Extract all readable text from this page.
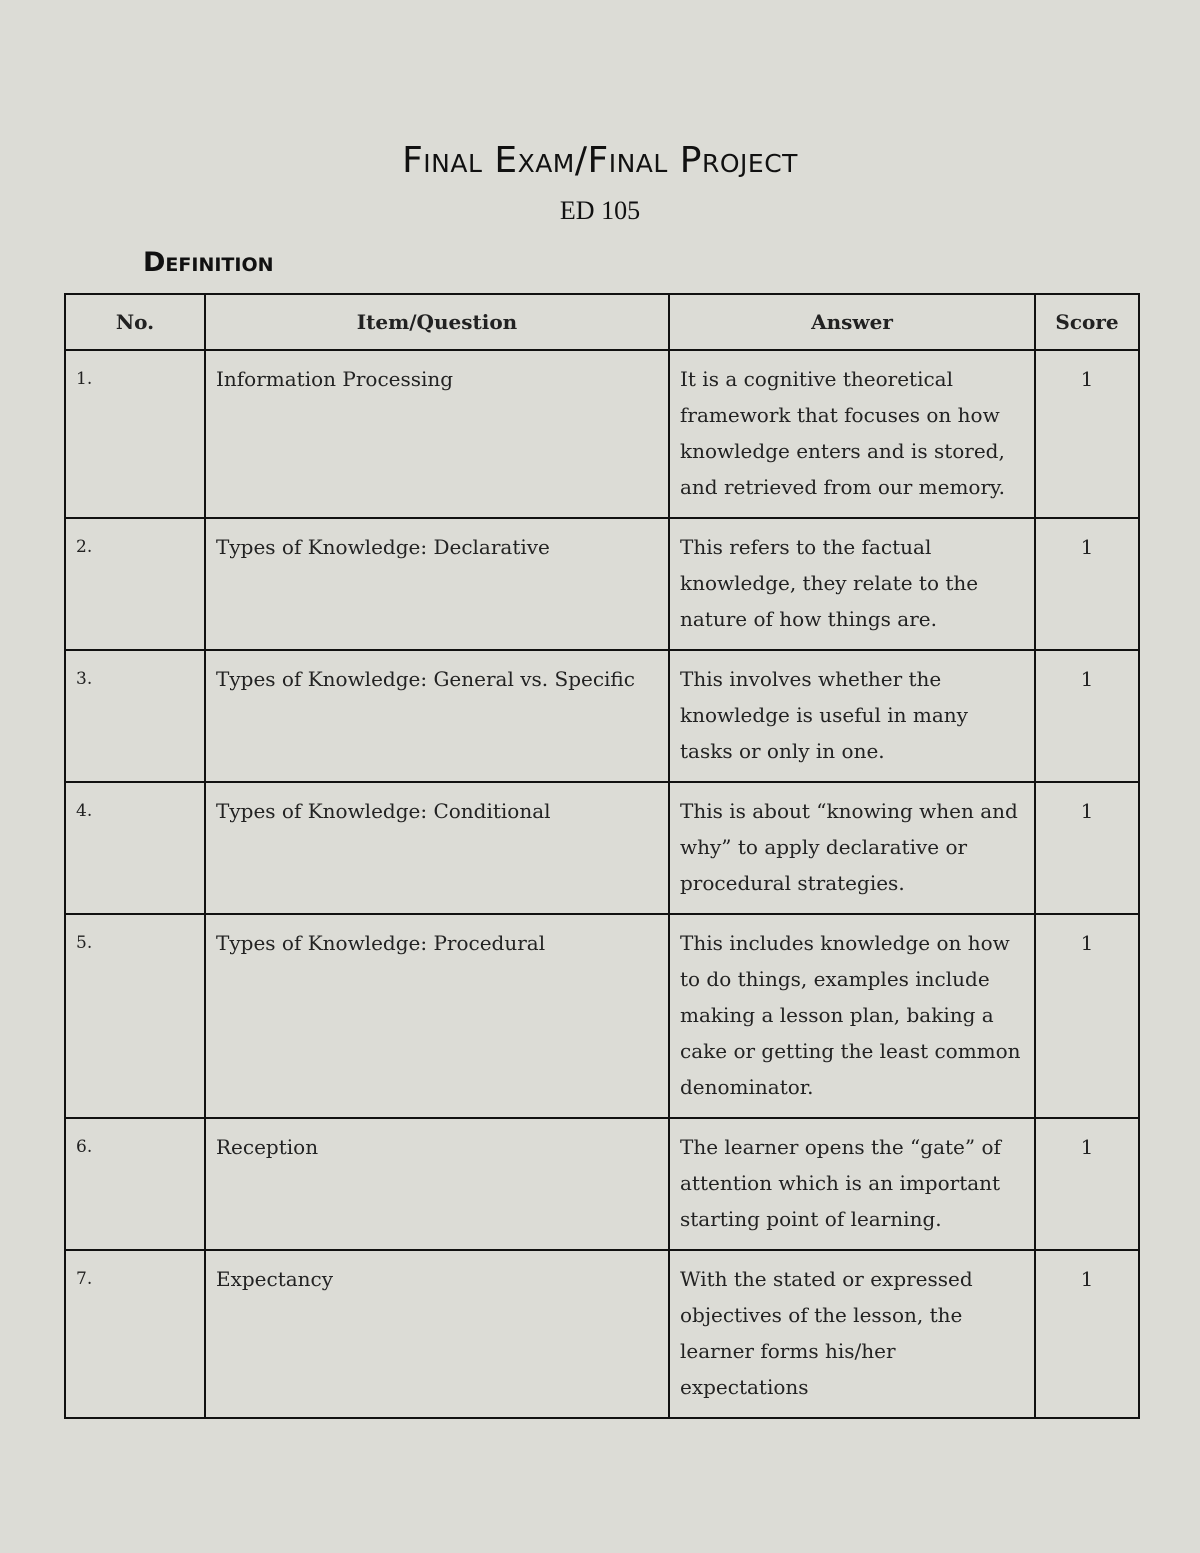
Final Exam/Final Project
ED 105
Definition
No.	Item/Question	Answer	Score
1.	Information Processing	It is a cognitive theoretical framework that focuses on how knowledge enters and is stored, and retrieved from our memory.	1
2.	Types of Knowledge: Declarative	This refers to the factual knowledge, they relate to the nature of how things are.	1
3.	Types of Knowledge: General vs. Specific	This involves whether the knowledge is useful in many tasks or only in one.	1
4.	Types of Knowledge: Conditional	This is about “knowing when and why” to apply declarative or procedural strategies.	1
5.	Types of Knowledge: Procedural	This includes knowledge on how to do things, examples include making a lesson plan, baking a cake or getting the least common denominator.	1
6.	Reception	The learner opens the “gate” of attention which is an important starting point of learning.	1
7.	Expectancy	With the stated or expressed objectives of the lesson, the learner forms his/her expectations	1
